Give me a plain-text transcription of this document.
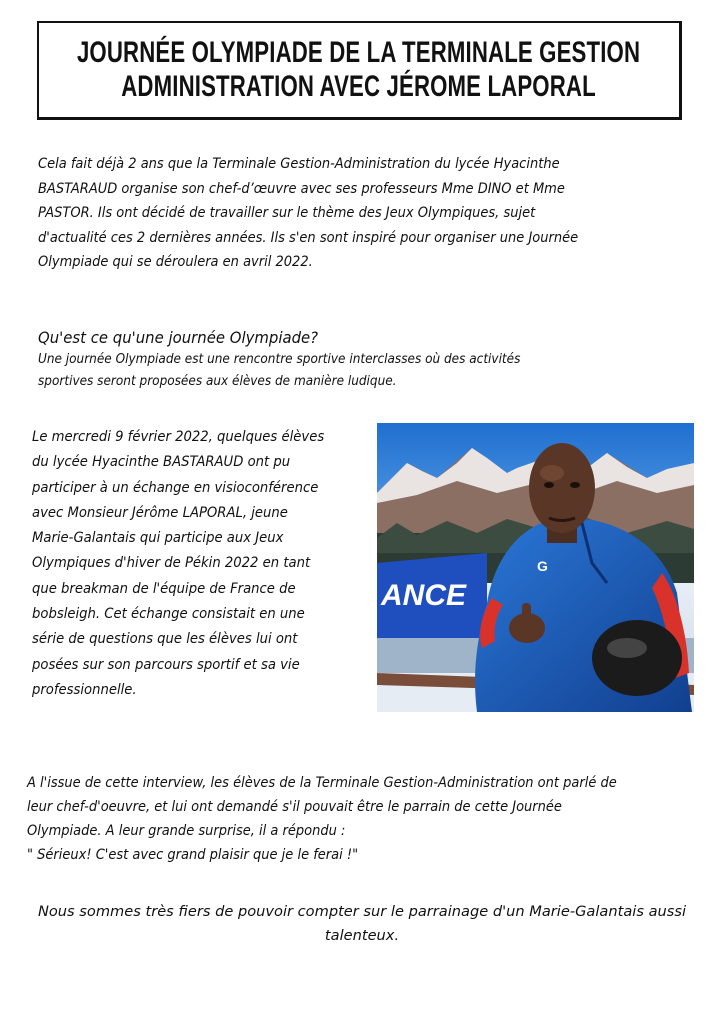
JOURNÉE OLYMPIADE DE LA TERMINALE GESTION
ADMINISTRATION AVEC JÉROME LAPORAL

Cela fait déjà 2 ans que la Terminale Gestion-Administration du lycée Hyacinthe
BASTARAUD organise son chef-d’œuvre avec ses professeurs Mme DINO et Mme
PASTOR. Ils ont décidé de travailler sur le thème des Jeux Olympiques, sujet
d'actualité ces 2 dernières années. Ils s'en sont inspiré pour organiser une Journée
Olympiade qui se déroulera en avril 2022.

Qu'est ce qu'une journée Olympiade?

Une journée Olympiade est une rencontre sportive interclasses où des activités
sportives seront proposées aux élèves de manière ludique.

Le mercredi 9 février 2022, quelques élèves
du lycée Hyacinthe BASTARAUD ont pu
participer à un échange en visioconférence
avec Monsieur Jérôme LAPORAL, jeune
Marie-Galantais qui participe aux Jeux
Olympiques d'hiver de Pékin 2022 en tant
que breakman de l'équipe de France de
bobsleigh. Cet échange consistait en une
série de questions que les élèves lui ont
posées sur son parcours sportif et sa vie
professionnelle.

ANCE
G

A l'issue de cette interview, les élèves de la Terminale Gestion-Administration ont parlé de
leur chef-d'oeuvre, et lui ont demandé s'il pouvait être le parrain de cette Journée
Olympiade. A leur grande surprise, il a répondu :
" Sérieux! C'est avec grand plaisir que je le ferai !"

Nous sommes très fiers de pouvoir compter sur le parrainage d'un Marie-Galantais aussi
talenteux.
